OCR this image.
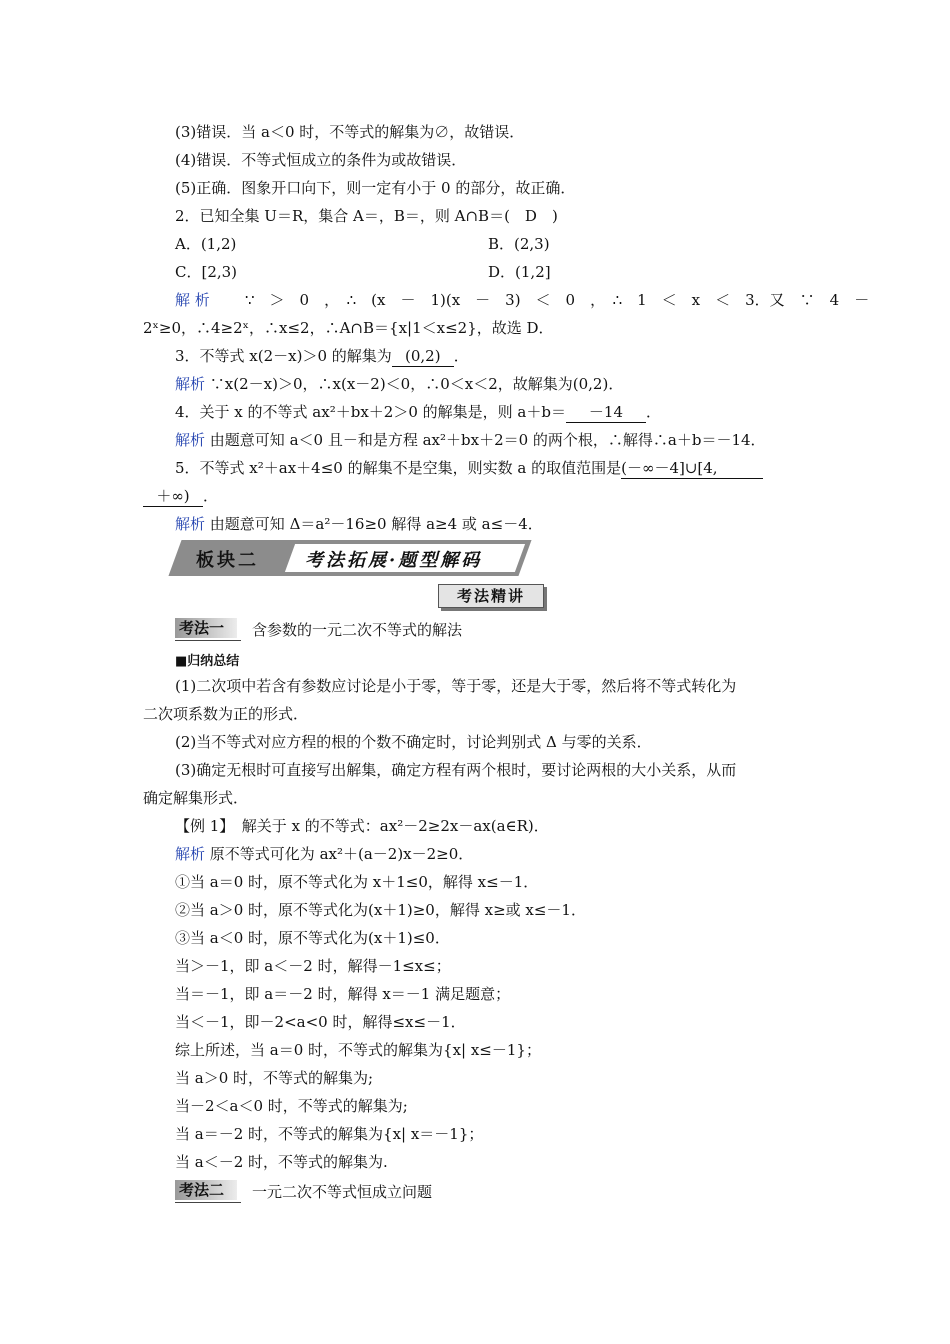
(3)错误．当 a＜0 时，不等式的解集为∅，故错误．
(4)错误．不等式恒成立的条件为或故错误．
(5)正确．图象开口向下，则一定有小于 0 的部分，故正确．
2．已知全集 U＝R，集合 A＝，B＝，则 A∩B＝(　D　)
A．(1,2)	B．(2,3)
C．[2,3)	D．(1,2]
解 析 ∵　＞　0　，　∴　(x　－　1)(x　－　3)　＜　0　，　∴　1　＜　x　＜　3．又　∵　4　－
2ˣ≥0，∴4≥2ˣ，∴x≤2，∴A∩B＝{x|1＜x≤2}，故选 D．
3．不等式 x(2－x)＞0 的解集为 (0,2) ．
解析 ∵x(2－x)＞0，∴x(x－2)＜0，∴0＜x＜2，故解集为(0,2)．
4．关于 x 的不等式 ax²＋bx＋2＞0 的解集是，则 a＋b＝ －14 ．
解析 由题意可知 a＜0 且－和是方程 ax²＋bx＋2＝0 的两个根，∴解得∴a＋b＝－14．
5．不等式 x²＋ax＋4≤0 的解集不是空集，则实数 a 的取值范围是(－∞－4]∪[4,
＋∞) ．
解析 由题意可知 Δ＝a²－16≥0 解得 a≥4 或 a≤－4．
板块二	考法拓展·题型解码
考法精讲
考法一	含参数的一元二次不等式的解法
■归纳总结
(1)二次项中若含有参数应讨论是小于零，等于零，还是大于零，然后将不等式转化为
二次项系数为正的形式．
(2)当不等式对应方程的根的个数不确定时，讨论判别式 Δ 与零的关系．
(3)确定无根时可直接写出解集，确定方程有两个根时，要讨论两根的大小关系，从而
确定解集形式．
【例 1】　解关于 x 的不等式：ax²－2≥2x－ax(a∈R)．
解析 原不等式可化为 ax²＋(a－2)x－2≥0．
①当 a＝0 时，原不等式化为 x＋1≤0，解得 x≤－1．
②当 a＞0 时，原不等式化为(x＋1)≥0，解得 x≥或 x≤－1．
③当 a＜0 时，原不等式化为(x＋1)≤0．
当＞－1，即 a＜－2 时，解得－1≤x≤；
当＝－1，即 a＝－2 时，解得 x＝－1 满足题意；
当＜－1，即－2<a<0 时，解得≤x≤－1．
综上所述，当 a＝0 时，不等式的解集为{x| x≤－1}；
当 a＞0 时，不等式的解集为;
当－2＜a＜0 时，不等式的解集为;
当 a＝－2 时，不等式的解集为{x| x＝－1}；
当 a＜－2 时，不等式的解集为.
考法二	一元二次不等式恒成立问题
